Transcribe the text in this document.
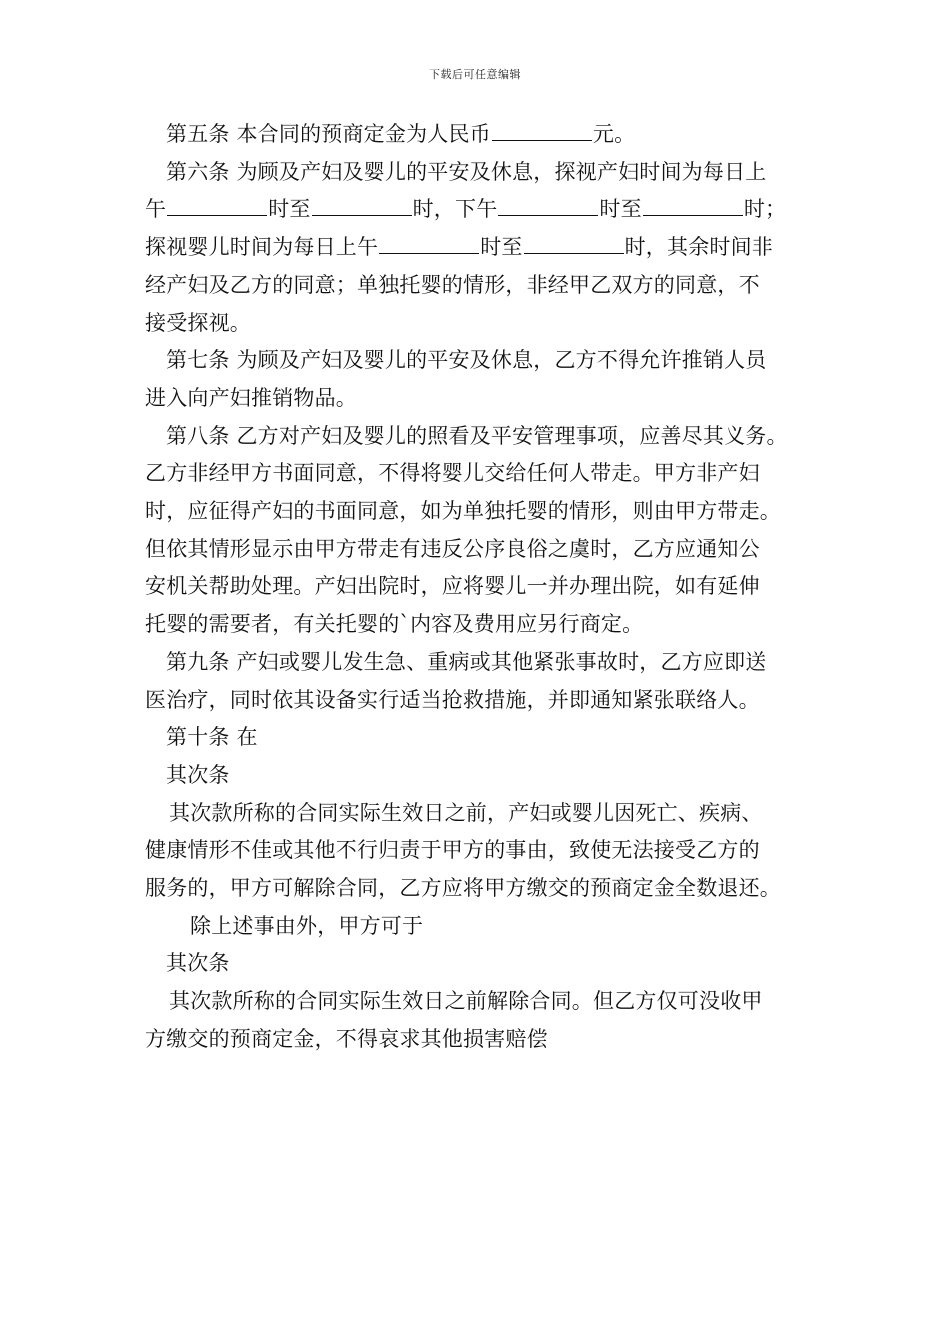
下载后可任意编辑

第五条 本合同的预商定金为人民币	元。

第六条 为顾及产妇及婴儿的平安及休息，探视产妇时间为每日上

午	时至	时，下午	时至	时；

探视婴儿时间为每日上午	时至	时，其余时间非

经产妇及乙方的同意；单独托婴的情形，非经甲乙双方的同意，不

接受探视。

第七条 为顾及产妇及婴儿的平安及休息，乙方不得允许推销人员

进入向产妇推销物品。

第八条 乙方对产妇及婴儿的照看及平安管理事项，应善尽其义务。

乙方非经甲方书面同意，不得将婴儿交给任何人带走。甲方非产妇

时，应征得产妇的书面同意，如为单独托婴的情形，则由甲方带走。

但依其情形显示由甲方带走有违反公序良俗之虞时，乙方应通知公

安机关帮助处理。产妇出院时，应将婴儿一并办理出院，如有延伸

托婴的需要者，有关托婴的`内容及费用应另行商定。

第九条 产妇或婴儿发生急、重病或其他紧张事故时，乙方应即送

医治疗，同时依其设备实行适当抢救措施，并即通知紧张联络人。

第十条 在

其次条

其次款所称的合同实际生效日之前，产妇或婴儿因死亡、疾病、

健康情形不佳或其他不行归责于甲方的事由，致使无法接受乙方的

服务的，甲方可解除合同，乙方应将甲方缴交的预商定金全数退还。

除上述事由外，甲方可于

其次条

其次款所称的合同实际生效日之前解除合同。但乙方仅可没收甲

方缴交的预商定金，不得哀求其他损害赔偿
